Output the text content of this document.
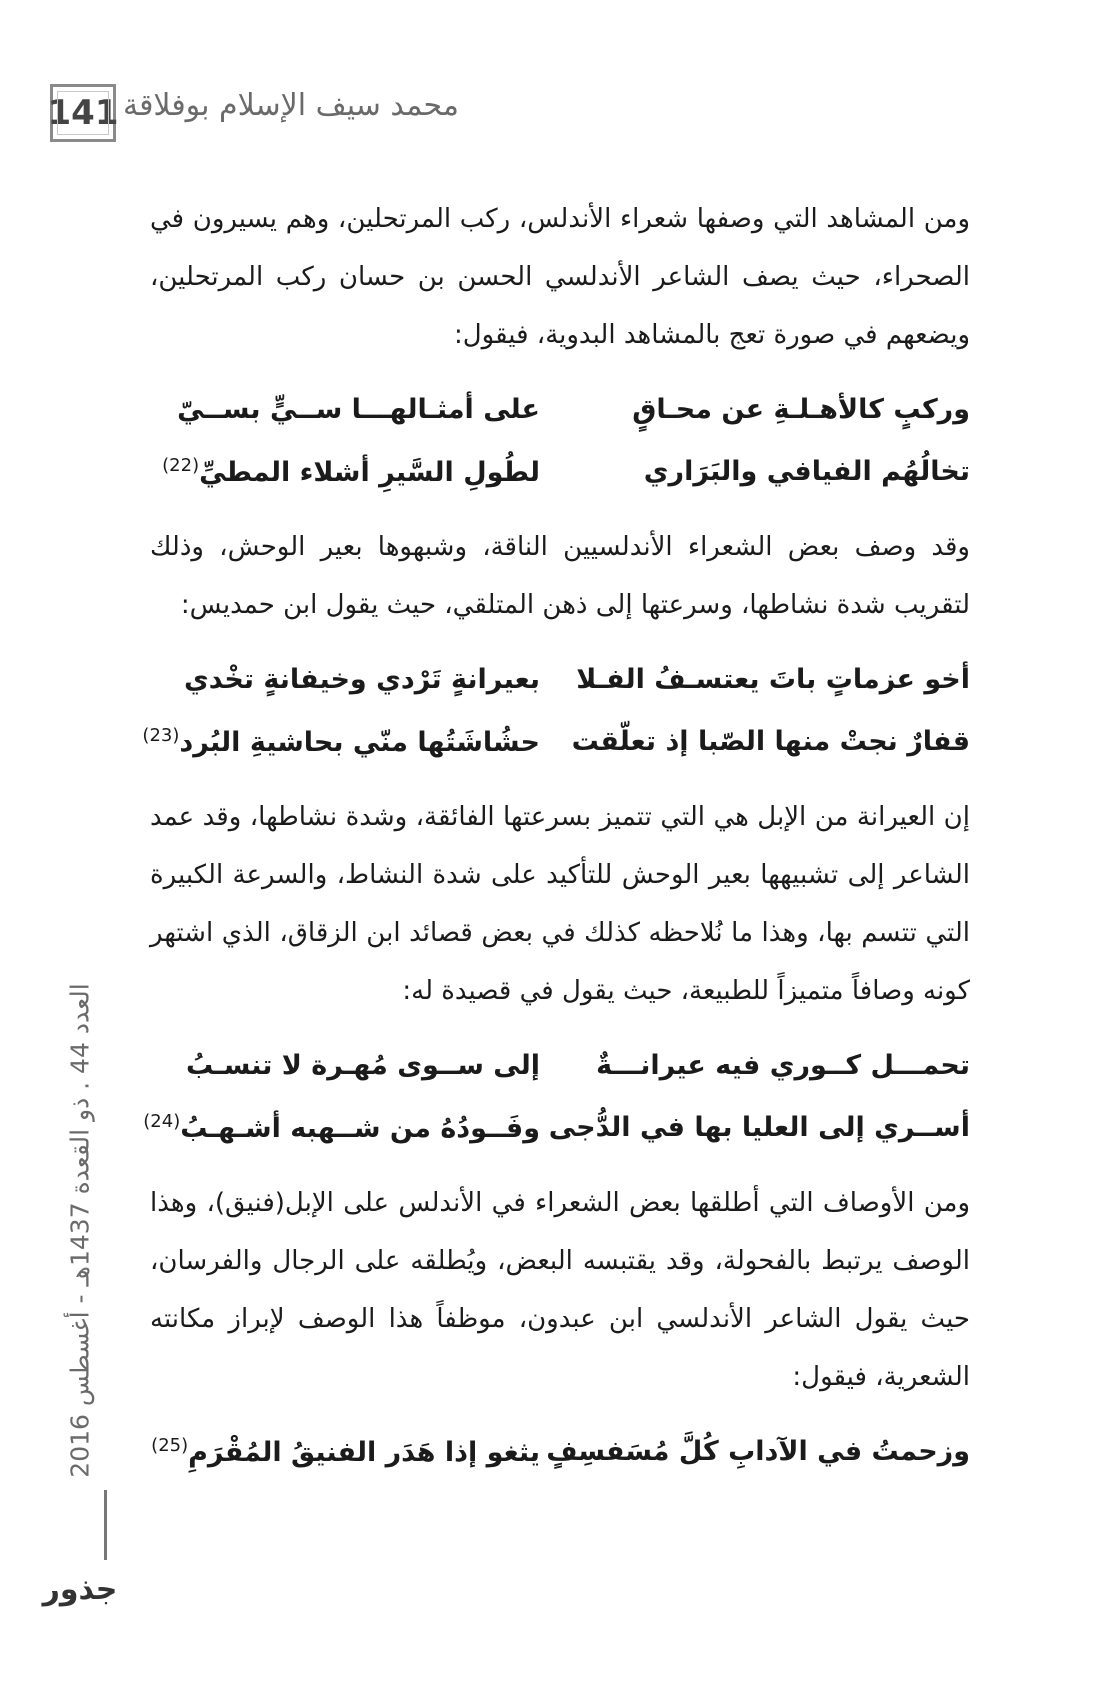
141 محمد سيف الإسلام بوفلاقة

ومن المشاهد التي وصفها شعراء الأندلس، ركب المرتحلين، وهم يسيرون في الصحراء، حيث يصف الشاعر الأندلسي الحسن بن حسان ركب المرتحلين، ويضعهم في صورة تعج بالمشاهد البدوية، فيقول:

وركبٍ كالأهـلـةِ عن محـاقٍ
على أمثـالهـــا ســيٍّ بســيّ
تخالُهُم الفيافي والبَرَاري
لطُولِ السَّيرِ أشلاء المطيِّ$^{(22)}$

وقد وصف بعض الشعراء الأندلسيين الناقة، وشبهوها بعير الوحش، وذلك لتقريب شدة نشاطها، وسرعتها إلى ذهن المتلقي، حيث يقول ابن حمديس:

أخو عزماتٍ باتَ يعتسـفُ الفـلا
بعيرانةٍ تَرْدي وخيفانةٍ تخْدي
قفارٌ نجتْ منها الصّبا إذ تعلّقت
حشُاشَتُها منّي بحاشيةِ البُرد$^{(23)}$

إن العيرانة من الإبل هي التي تتميز بسرعتها الفائقة، وشدة نشاطها، وقد عمد الشاعر إلى تشبيهها بعير الوحش للتأكيد على شدة النشاط، والسرعة الكبيرة التي تتسم بها، وهذا ما نُلاحظه كذلك في بعض قصائد ابن الزقاق، الذي اشتهر كونه وصافاً متميزاً للطبيعة، حيث يقول في قصيدة له:

تحمـــل كــوري فيه عيرانـــةٌ
إلى ســوى مُهـرة لا تنسـبُ
أســري إلى العليا بها في الدُّجى
وفَــودُهُ من شــهبه أشـهـبُ$^{(24)}$

ومن الأوصاف التي أطلقها بعض الشعراء في الأندلس على الإبل(فنيق)، وهذا الوصف يرتبط بالفحولة، وقد يقتبسه البعض، ويُطلقه على الرجال والفرسان، حيث يقول الشاعر الأندلسي ابن عبدون، موظفاً هذا الوصف لإبراز مكانته الشعرية، فيقول:

وزحمتُ في الآدابِ كُلَّ مُسَفسِفٍ
يثغو إذا هَدَر الفنيقُ المُقْرَمِ$^{(25)}$
العدد 44 . ذو القعدة 1437هـ - أغسطس 2016
جذور
